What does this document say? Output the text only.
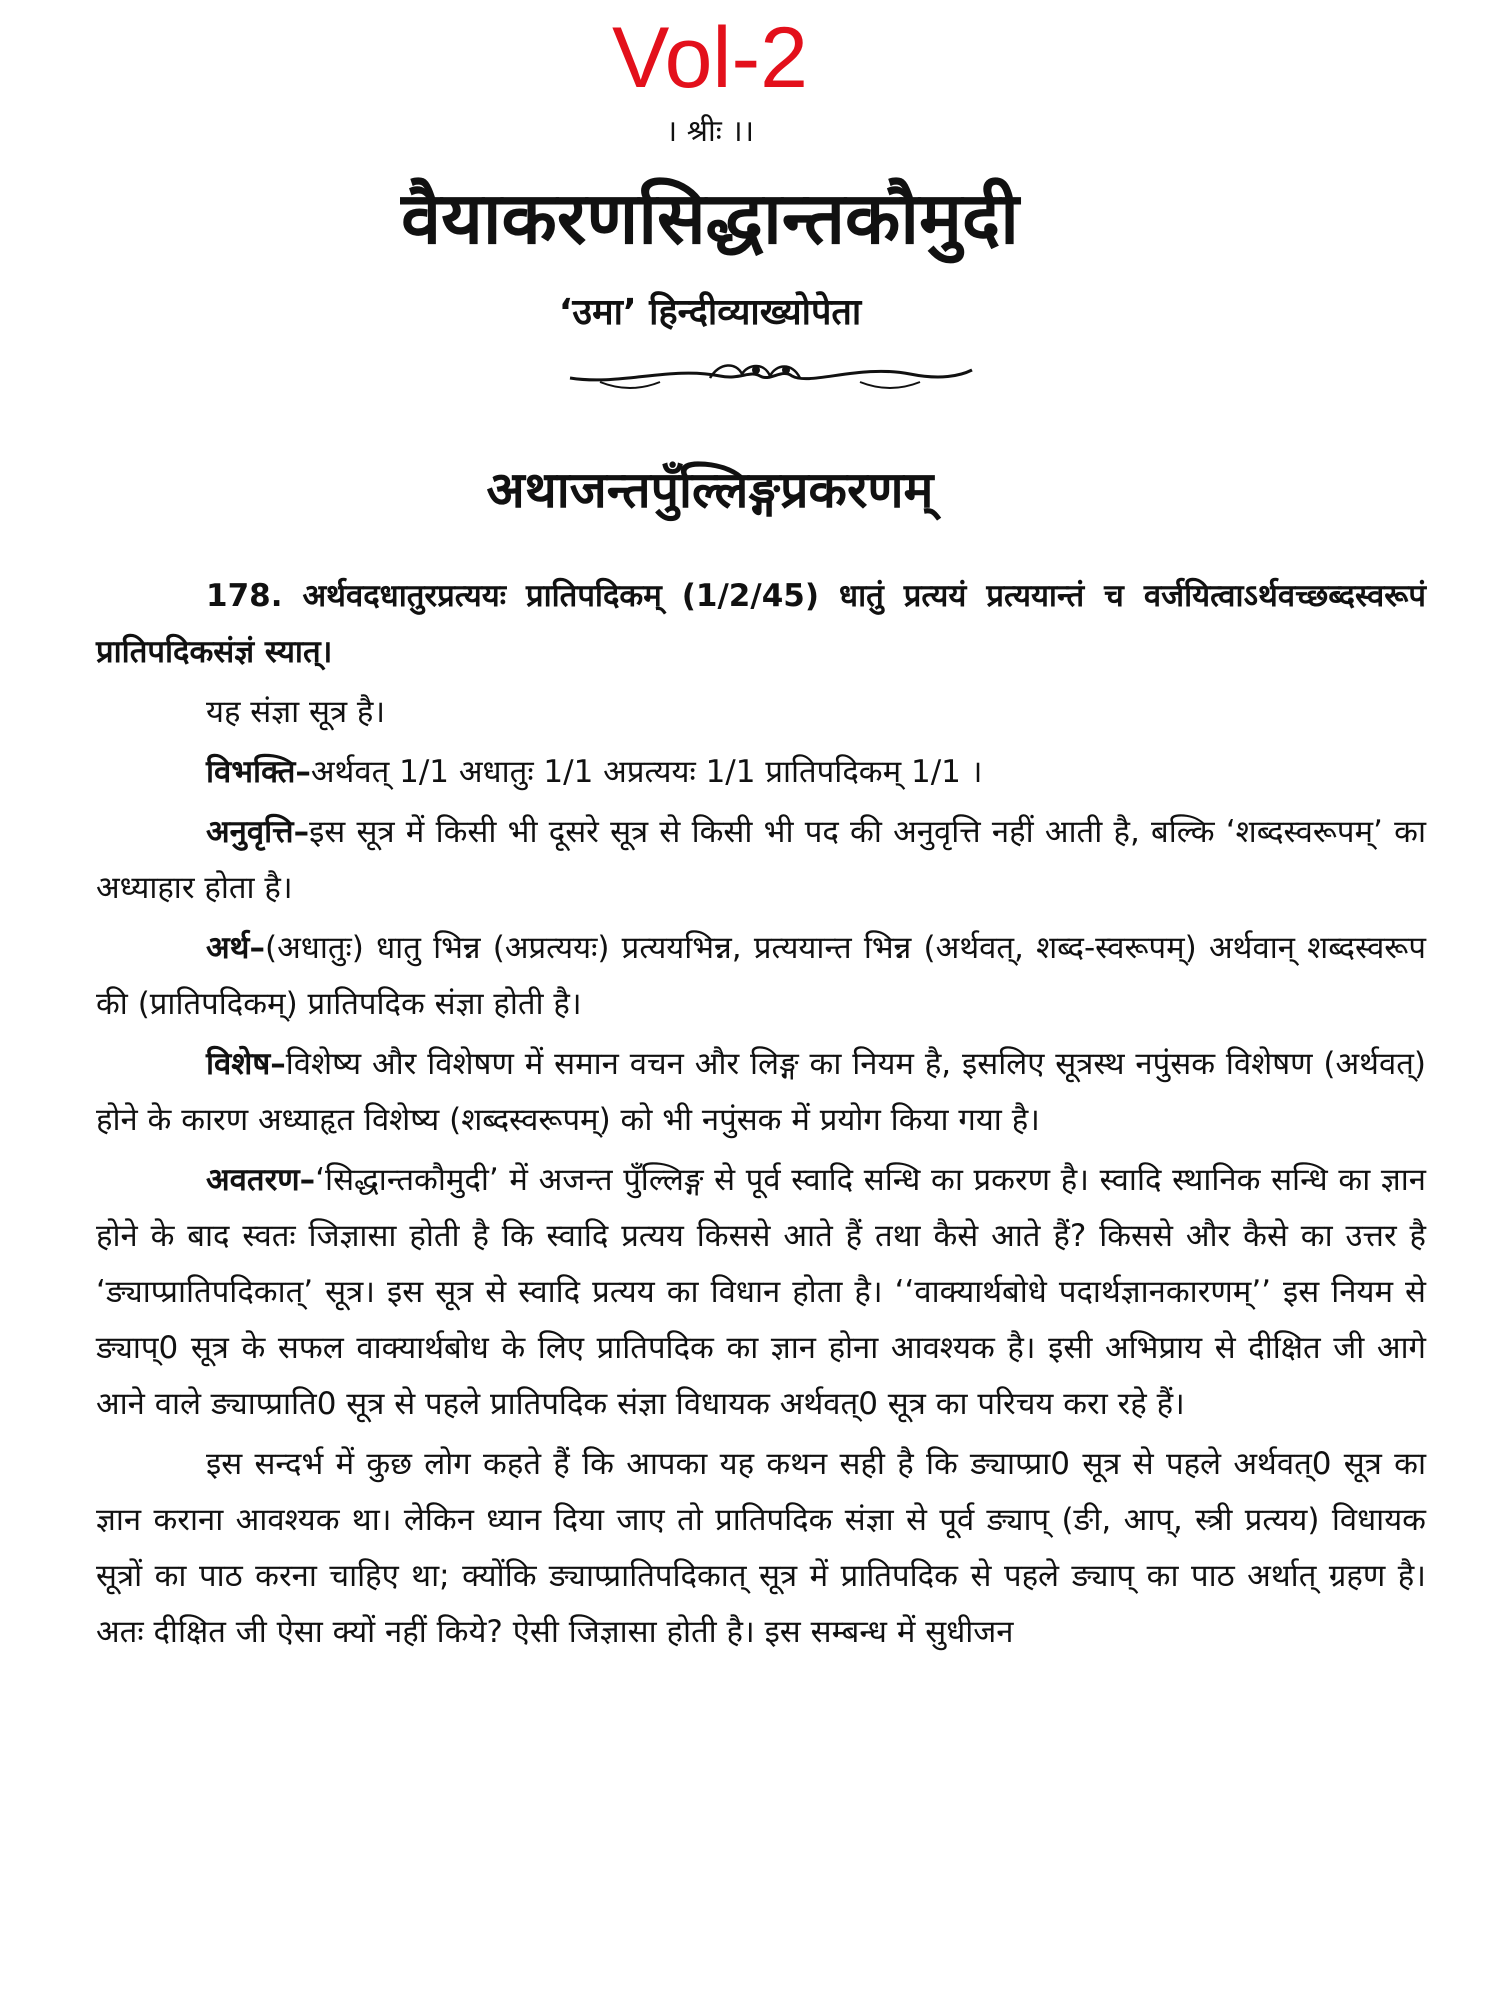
Vol-2
। श्रीः ।।
वैयाकरणसिद्धान्तकौमुदी
‘उमा’ हिन्दीव्याख्योपेता
अथाजन्तपुँल्लिङ्गप्रकरणम्

178. अर्थवदधातुरप्रत्ययः प्रातिपदिकम् (1/2/45) धातुं प्रत्ययं प्रत्ययान्तं च वर्जयित्वाऽर्थवच्छब्दस्वरूपं प्रातिपदिकसंज्ञं स्यात्।

यह संज्ञा सूत्र है।

विभक्ति–अर्थवत् 1/1 अधातुः 1/1 अप्रत्ययः 1/1 प्रातिपदिकम् 1/1 ।

अनुवृत्ति–इस सूत्र में किसी भी दूसरे सूत्र से किसी भी पद की अनुवृत्ति नहीं आती है, बल्कि ‘शब्दस्वरूपम्’ का अध्याहार होता है।

अर्थ–(अधातुः) धातु भिन्न (अप्रत्ययः) प्रत्ययभिन्न, प्रत्ययान्त भिन्न (अर्थवत्, शब्द-स्वरूपम्) अर्थवान् शब्दस्वरूप की (प्रातिपदिकम्) प्रातिपदिक संज्ञा होती है।

विशेष–विशेष्य और विशेषण में समान वचन और लिङ्ग का नियम है, इसलिए सूत्रस्थ नपुंसक विशेषण (अर्थवत्) होने के कारण अध्याहृत विशेष्य (शब्दस्वरूपम्) को भी नपुंसक में प्रयोग किया गया है।

अवतरण–‘सिद्धान्तकौमुदी’ में अजन्त पुँल्लिङ्ग से पूर्व स्वादि सन्धि का प्रकरण है। स्वादि स्थानिक सन्धि का ज्ञान होने के बाद स्वतः जिज्ञासा होती है कि स्वादि प्रत्यय किससे आते हैं तथा कैसे आते हैं? किससे और कैसे का उत्तर है ‘ङ्याप्प्रातिपदिकात्’ सूत्र। इस सूत्र से स्वादि प्रत्यय का विधान होता है। ‘‘वाक्यार्थबोधे पदार्थज्ञानकारणम्’’ इस नियम से ङ्याप्0 सूत्र के सफल वाक्यार्थबोध के लिए प्रातिपदिक का ज्ञान होना आवश्यक है। इसी अभिप्राय से दीक्षित जी आगे आने वाले ङ्याप्प्राति0 सूत्र से पहले प्रातिपदिक संज्ञा विधायक अर्थवत्0 सूत्र का परिचय करा रहे हैं।

इस सन्दर्भ में कुछ लोग कहते हैं कि आपका यह कथन सही है कि ङ्याप्प्रा0 सूत्र से पहले अर्थवत्0 सूत्र का ज्ञान कराना आवश्यक था। लेकिन ध्यान दिया जाए तो प्रातिपदिक संज्ञा से पूर्व ङ्याप् (ङी, आप्, स्त्री प्रत्यय) विधायक सूत्रों का पाठ करना चाहिए था; क्योंकि ङ्याप्प्रातिपदिकात् सूत्र में प्रातिपदिक से पहले ङ्याप् का पाठ अर्थात् ग्रहण है। अतः दीक्षित जी ऐसा क्यों नहीं किये? ऐसी जिज्ञासा होती है। इस सम्बन्ध में सुधीजन
